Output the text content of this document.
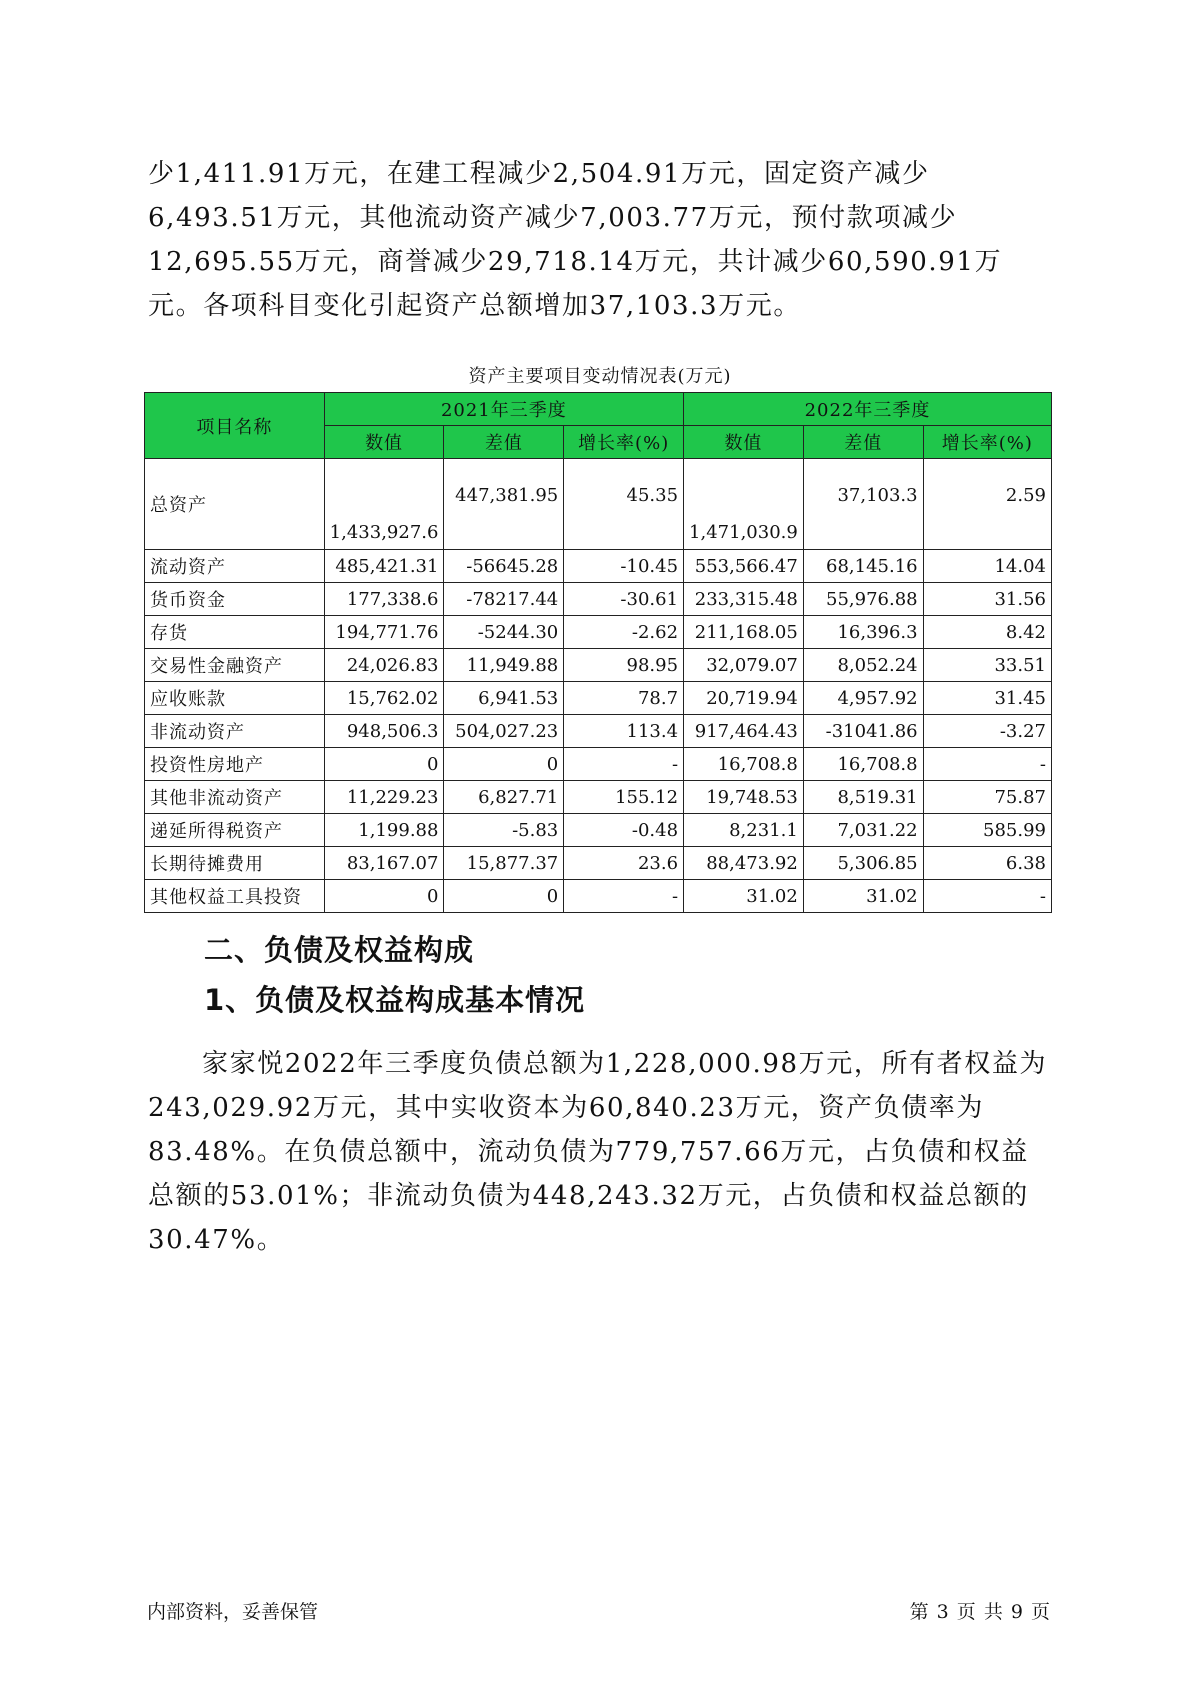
少1,411.91万元，在建工程减少2,504.91万元，固定资产减少6,493.51万元，其他流动资产减少7,003.77万元，预付款项减少12,695.55万元，商誉减少29,718.14万元，共计减少60,590.91万元。各项科目变化引起资产总额增加37,103.3万元。

资产主要项目变动情况表(万元)
项目名称	2021年三季度			2022年三季度		
	数值	差值	增长率(%)	数值	差值	增长率(%)
总资产	1,433,927.6	447,381.95	45.35	1,471,030.9	37,103.3	2.59
流动资产	485,421.31	-56645.28	-10.45	553,566.47	68,145.16	14.04
货币资金	177,338.6	-78217.44	-30.61	233,315.48	55,976.88	31.56
存货	194,771.76	-5244.30	-2.62	211,168.05	16,396.3	8.42
交易性金融资产	24,026.83	11,949.88	98.95	32,079.07	8,052.24	33.51
应收账款	15,762.02	6,941.53	78.7	20,719.94	4,957.92	31.45
非流动资产	948,506.3	504,027.23	113.4	917,464.43	-31041.86	-3.27
投资性房地产	0	0	-	16,708.8	16,708.8	-
其他非流动资产	11,229.23	6,827.71	155.12	19,748.53	8,519.31	75.87
递延所得税资产	1,199.88	-5.83	-0.48	8,231.1	7,031.22	585.99
长期待摊费用	83,167.07	15,877.37	23.6	88,473.92	5,306.85	6.38
其他权益工具投资	0	0	-	31.02	31.02	-
二、负债及权益构成
1、负债及权益构成基本情况

家家悦2022年三季度负债总额为1,228,000.98万元，所有者权益为243,029.92万元，其中实收资本为60,840.23万元，资产负债率为83.48%。在负债总额中，流动负债为779,757.66万元，占负债和权益总额的53.01%；非流动负债为448,243.32万元，占负债和权益总额的30.47%。

内部资料，妥善保管	第 3 页 共 9 页
